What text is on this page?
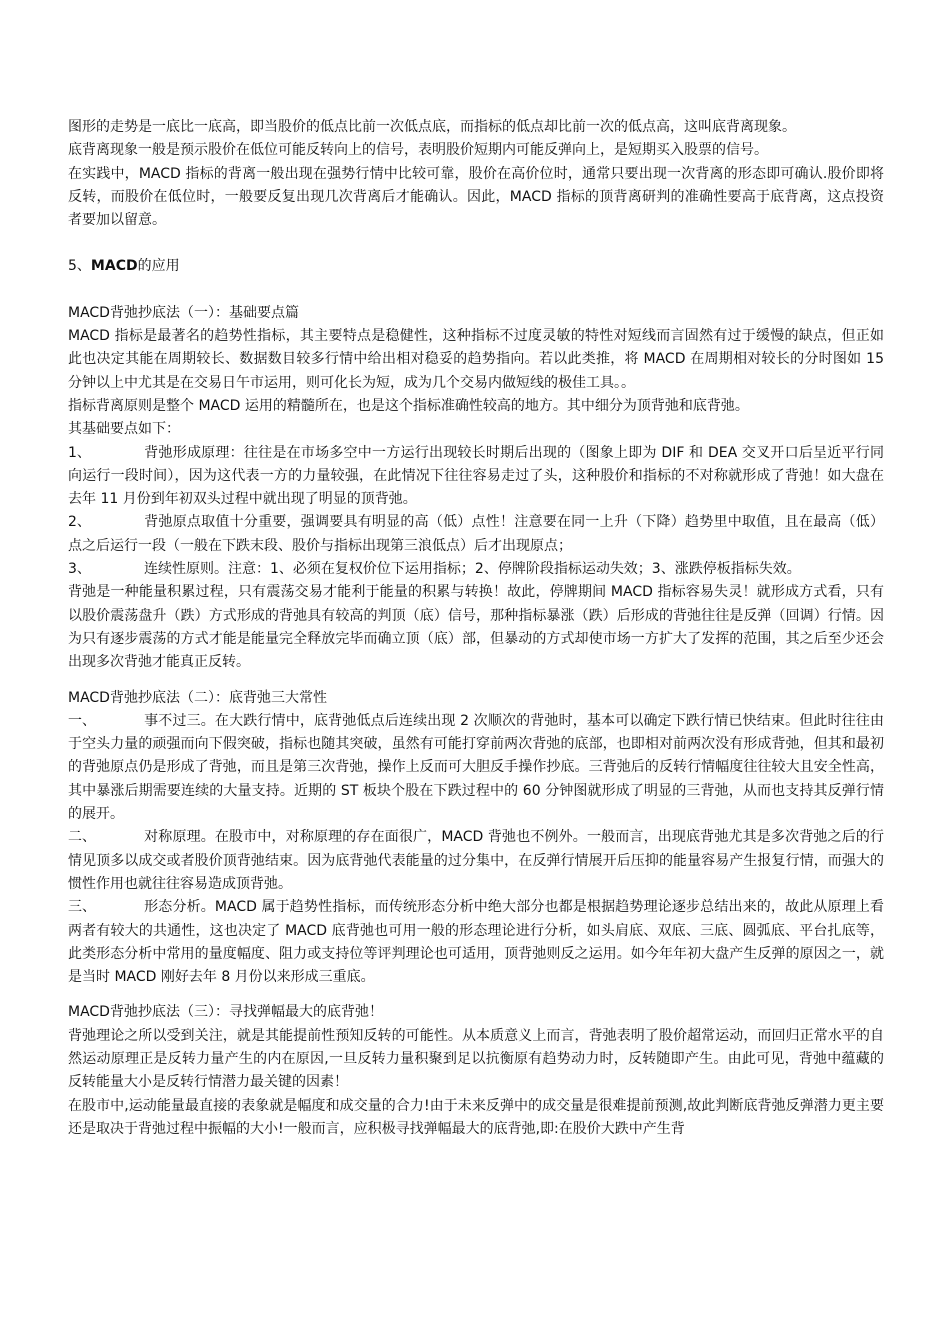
图形的走势是一底比一底高，即当股价的低点比前一次低点底，而指标的低点却比前一次的低点高，这叫底背离现象。

底背离现象一般是预示股价在低位可能反转向上的信号，表明股价短期内可能反弹向上，是短期买入股票的信号。

在实践中，MACD 指标的背离一般出现在强势行情中比较可靠，股价在高价位时，通常只要出现一次背离的形态即可确认.股价即将反转，而股价在低位时，一般要反复出现几次背离后才能确认。因此，MACD 指标的顶背离研判的准确性要高于底背离，这点投资者要加以留意。

5、MACD的应用

MACD背弛抄底法（一）：基础要点篇

MACD 指标是最著名的趋势性指标，其主要特点是稳健性，这种指标不过度灵敏的特性对短线而言固然有过于缓慢的缺点，但正如此也决定其能在周期较长、数据数目较多行情中给出相对稳妥的趋势指向。若以此类推，将 MACD 在周期相对较长的分时图如 15 分钟以上中尤其是在交易日午市运用，则可化长为短，成为几个交易内做短线的极佳工具。。

指标背离原则是整个 MACD 运用的精髓所在，也是这个指标准确性较高的地方。其中细分为顶背弛和底背弛。

其基础要点如下：

1、	背弛形成原理：往往是在市场多空中一方运行出现较长时期后出现的（图象上即为 DIF 和 DEA 交叉开口后呈近平行同向运行一段时间），因为这代表一方的力量较强，在此情况下往往容易走过了头，这种股价和指标的不对称就形成了背弛！如大盘在去年 11 月份到年初双头过程中就出现了明显的顶背弛。

2、	背弛原点取值十分重要，强调要具有明显的高（低）点性！注意要在同一上升（下降）趋势里中取值，且在最高（低）点之后运行一段（一般在下跌末段、股价与指标出现第三浪低点）后才出现原点；

3、	连续性原则。注意：1、必须在复权价位下运用指标；2、停牌阶段指标运动失效；3、涨跌停板指标失效。

背弛是一种能量积累过程，只有震荡交易才能利于能量的积累与转换！故此，停牌期间 MACD 指标容易失灵！就形成方式看，只有以股价震荡盘升（跌）方式形成的背弛具有较高的判顶（底）信号，那种指标暴涨（跌）后形成的背弛往往是反弹（回调）行情。因为只有逐步震荡的方式才能是能量完全释放完毕而确立顶（底）部，但暴动的方式却使市场一方扩大了发挥的范围，其之后至少还会出现多次背弛才能真正反转。

MACD背弛抄底法（二）：底背弛三大常性

一、	事不过三。在大跌行情中，底背弛低点后连续出现 2 次顺次的背弛时，基本可以确定下跌行情已快结束。但此时往往由于空头力量的顽强而向下假突破，指标也随其突破，虽然有可能打穿前两次背弛的底部，也即相对前两次没有形成背弛，但其和最初的背弛原点仍是形成了背弛，而且是第三次背弛，操作上反而可大胆反手操作抄底。三背弛后的反转行情幅度往往较大且安全性高，其中暴涨后期需要连续的大量支持。近期的 ST 板块个股在下跌过程中的 60 分钟图就形成了明显的三背弛，从而也支持其反弹行情的展开。

二、	对称原理。在股市中，对称原理的存在面很广，MACD 背弛也不例外。一般而言，出现底背弛尤其是多次背弛之后的行情见顶多以成交或者股价顶背弛结束。因为底背弛代表能量的过分集中，在反弹行情展开后压抑的能量容易产生报复行情，而强大的惯性作用也就往往容易造成顶背弛。

三、	形态分析。MACD 属于趋势性指标，而传统形态分析中绝大部分也都是根据趋势理论逐步总结出来的，故此从原理上看两者有较大的共通性，这也决定了 MACD 底背弛也可用一般的形态理论进行分析，如头肩底、双底、三底、圆弧底、平台扎底等，此类形态分析中常用的量度幅度、阻力或支持位等评判理论也可适用，顶背弛则反之运用。如今年年初大盘产生反弹的原因之一，就是当时 MACD 刚好去年 8 月份以来形成三重底。

MACD背弛抄底法（三）：寻找弹幅最大的底背弛！

背弛理论之所以受到关注，就是其能提前性预知反转的可能性。从本质意义上而言，背弛表明了股价超常运动，而回归正常水平的自然运动原理正是反转力量产生的内在原因,一旦反转力量积聚到足以抗衡原有趋势动力时，反转随即产生。由此可见，背弛中蕴藏的反转能量大小是反转行情潜力最关键的因素！

在股市中,运动能量最直接的表象就是幅度和成交量的合力!由于未来反弹中的成交量是很难提前预测,故此判断底背弛反弹潜力更主要还是取决于背弛过程中振幅的大小!一般而言，应积极寻找弹幅最大的底背弛,即:在股价大跌中产生背
